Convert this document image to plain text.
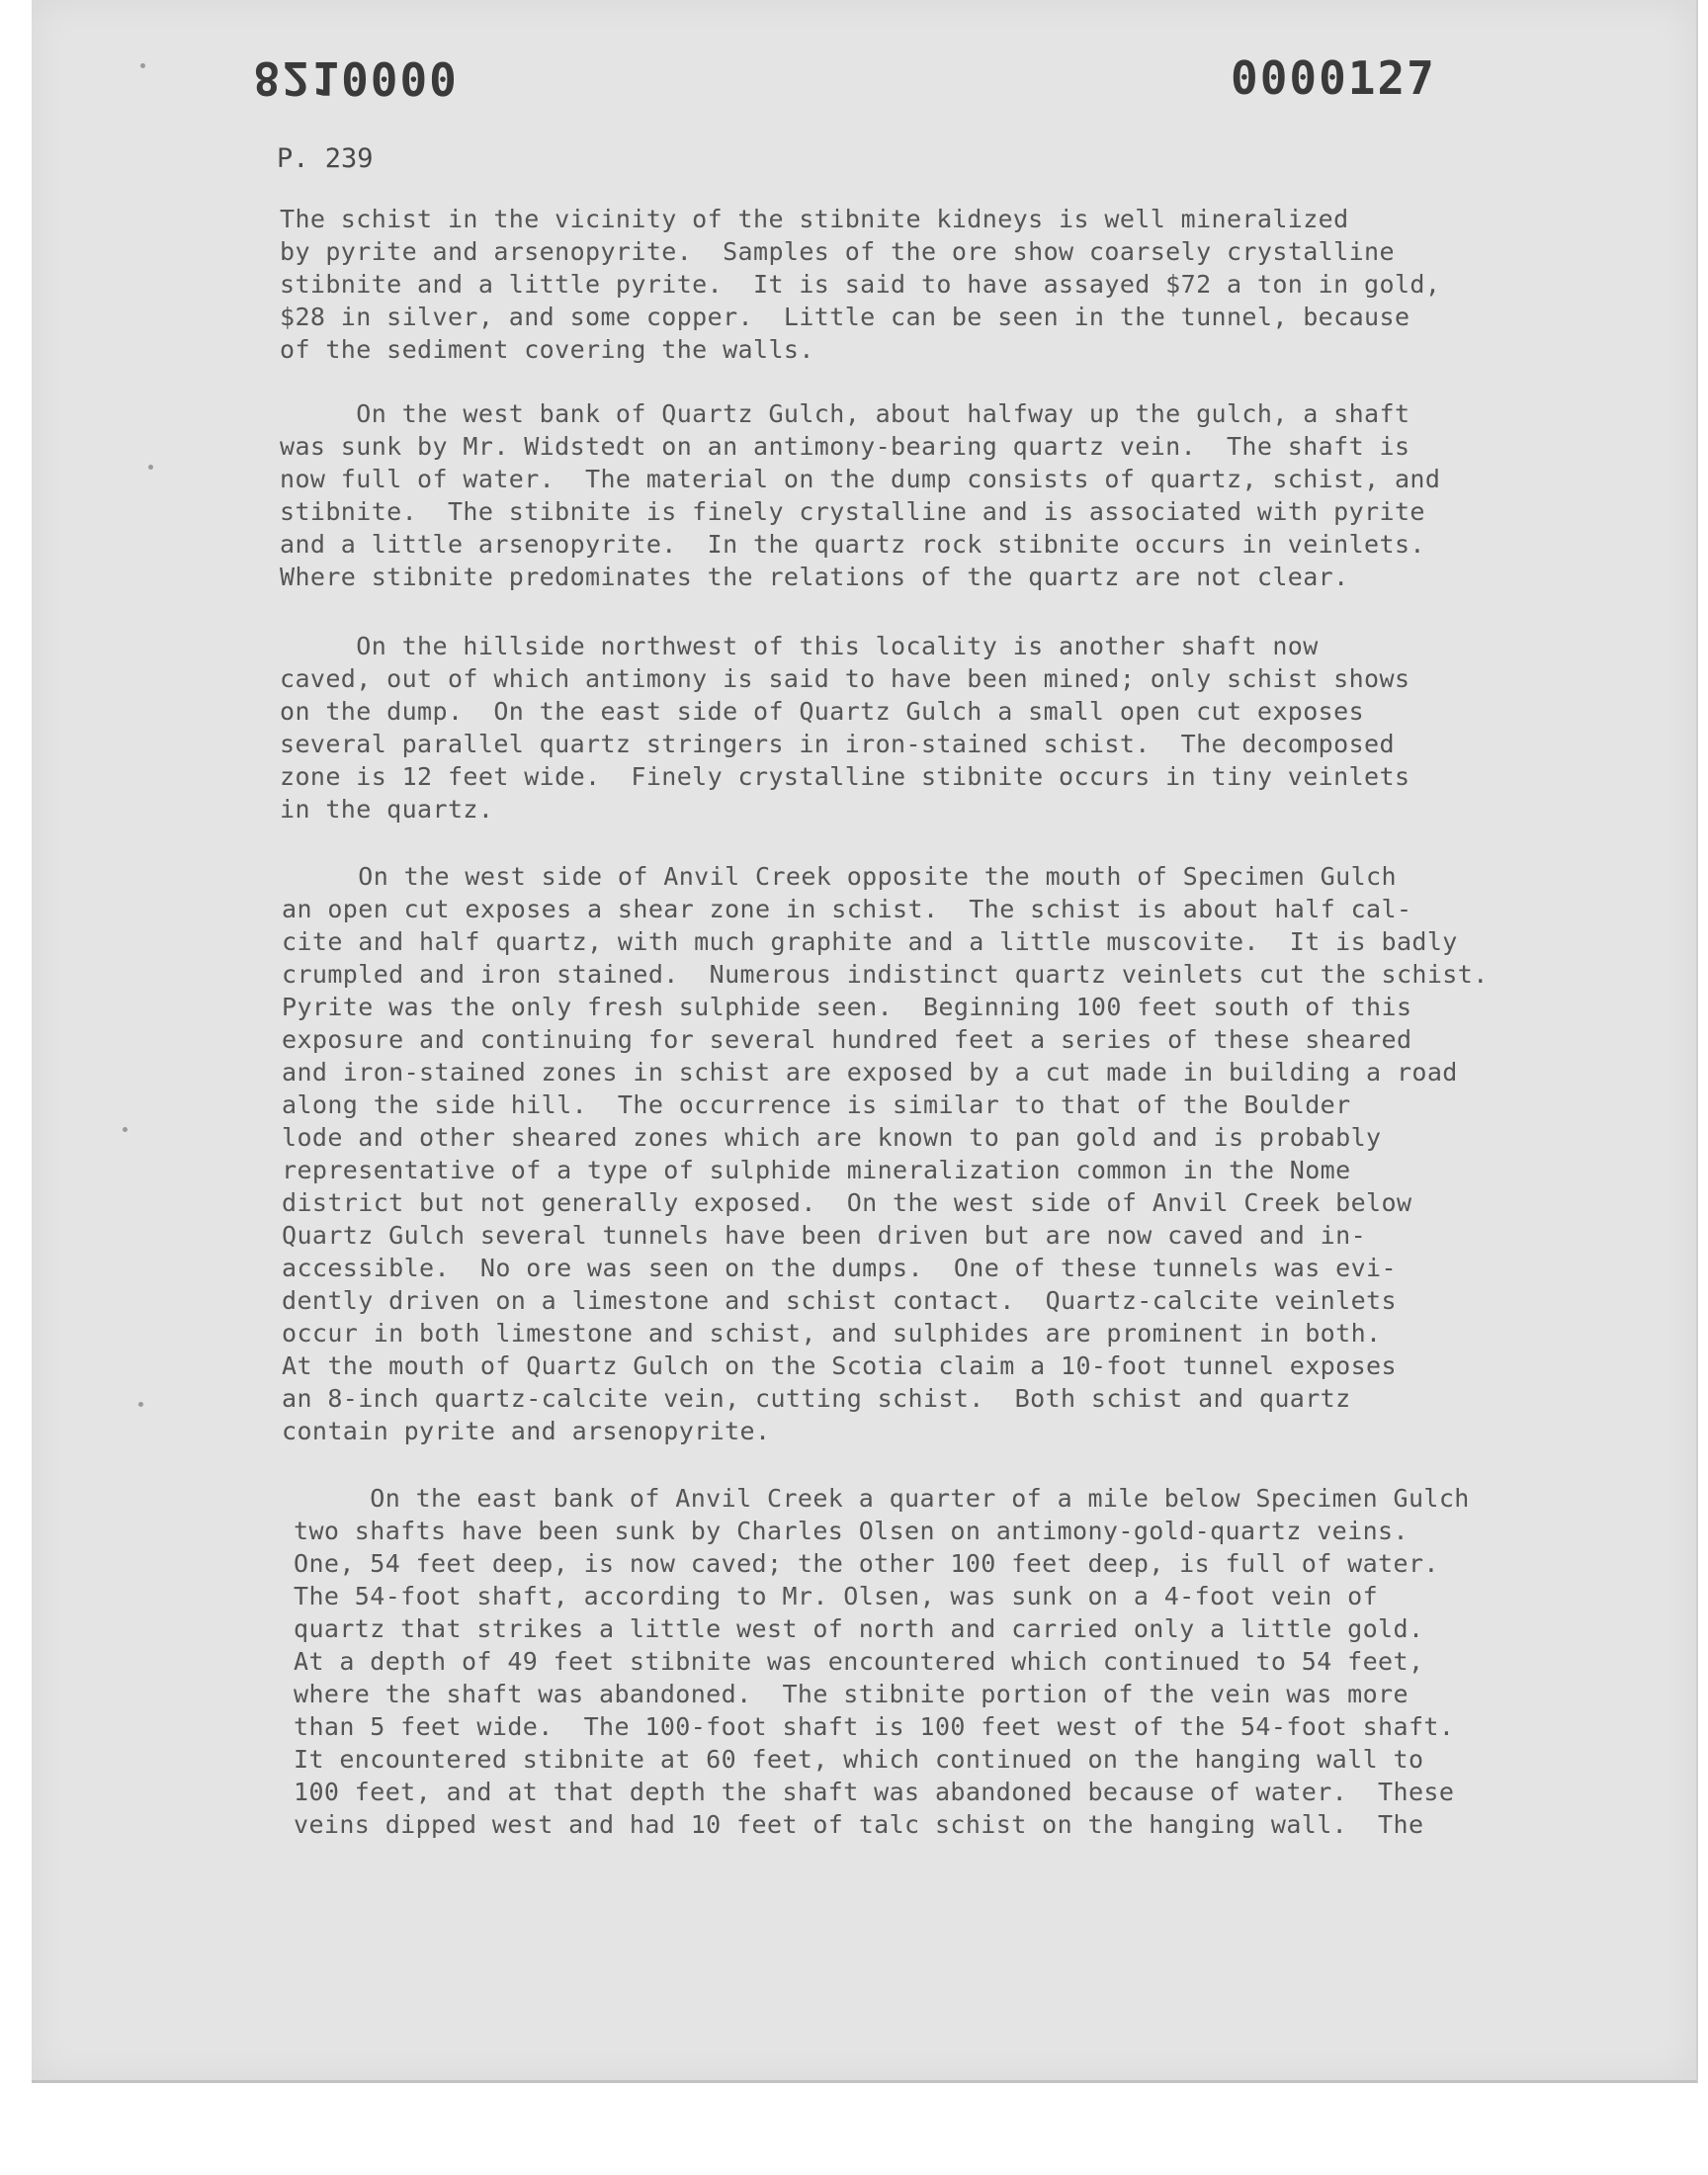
8210000	0000127
P. 239
The schist in the vicinity of the stibnite kidneys is well mineralized
by pyrite and arsenopyrite.  Samples of the ore show coarsely crystalline
stibnite and a little pyrite.  It is said to have assayed $72 a ton in gold,
$28 in silver, and some copper.  Little can be seen in the tunnel, because
of the sediment covering the walls.
On the west bank of Quartz Gulch, about halfway up the gulch, a shaft
was sunk by Mr. Widstedt on an antimony-bearing quartz vein.  The shaft is
now full of water.  The material on the dump consists of quartz, schist, and
stibnite.  The stibnite is finely crystalline and is associated with pyrite
and a little arsenopyrite.  In the quartz rock stibnite occurs in veinlets.
Where stibnite predominates the relations of the quartz are not clear.
On the hillside northwest of this locality is another shaft now
caved, out of which antimony is said to have been mined; only schist shows
on the dump.  On the east side of Quartz Gulch a small open cut exposes
several parallel quartz stringers in iron-stained schist.  The decomposed
zone is 12 feet wide.  Finely crystalline stibnite occurs in tiny veinlets
in the quartz.
On the west side of Anvil Creek opposite the mouth of Specimen Gulch
an open cut exposes a shear zone in schist.  The schist is about half cal-
cite and half quartz, with much graphite and a little muscovite.  It is badly
crumpled and iron stained.  Numerous indistinct quartz veinlets cut the schist.
Pyrite was the only fresh sulphide seen.  Beginning 100 feet south of this
exposure and continuing for several hundred feet a series of these sheared
and iron-stained zones in schist are exposed by a cut made in building a road
along the side hill.  The occurrence is similar to that of the Boulder
lode and other sheared zones which are known to pan gold and is probably
representative of a type of sulphide mineralization common in the Nome
district but not generally exposed.  On the west side of Anvil Creek below
Quartz Gulch several tunnels have been driven but are now caved and in-
accessible.  No ore was seen on the dumps.  One of these tunnels was evi-
dently driven on a limestone and schist contact.  Quartz-calcite veinlets
occur in both limestone and schist, and sulphides are prominent in both.
At the mouth of Quartz Gulch on the Scotia claim a 10-foot tunnel exposes
an 8-inch quartz-calcite vein, cutting schist.  Both schist and quartz
contain pyrite and arsenopyrite.
On the east bank of Anvil Creek a quarter of a mile below Specimen Gulch
two shafts have been sunk by Charles Olsen on antimony-gold-quartz veins.
One, 54 feet deep, is now caved; the other 100 feet deep, is full of water.
The 54-foot shaft, according to Mr. Olsen, was sunk on a 4-foot vein of
quartz that strikes a little west of north and carried only a little gold.
At a depth of 49 feet stibnite was encountered which continued to 54 feet,
where the shaft was abandoned.  The stibnite portion of the vein was more
than 5 feet wide.  The 100-foot shaft is 100 feet west of the 54-foot shaft.
It encountered stibnite at 60 feet, which continued on the hanging wall to
100 feet, and at that depth the shaft was abandoned because of water.  These
veins dipped west and had 10 feet of talc schist on the hanging wall.  The
